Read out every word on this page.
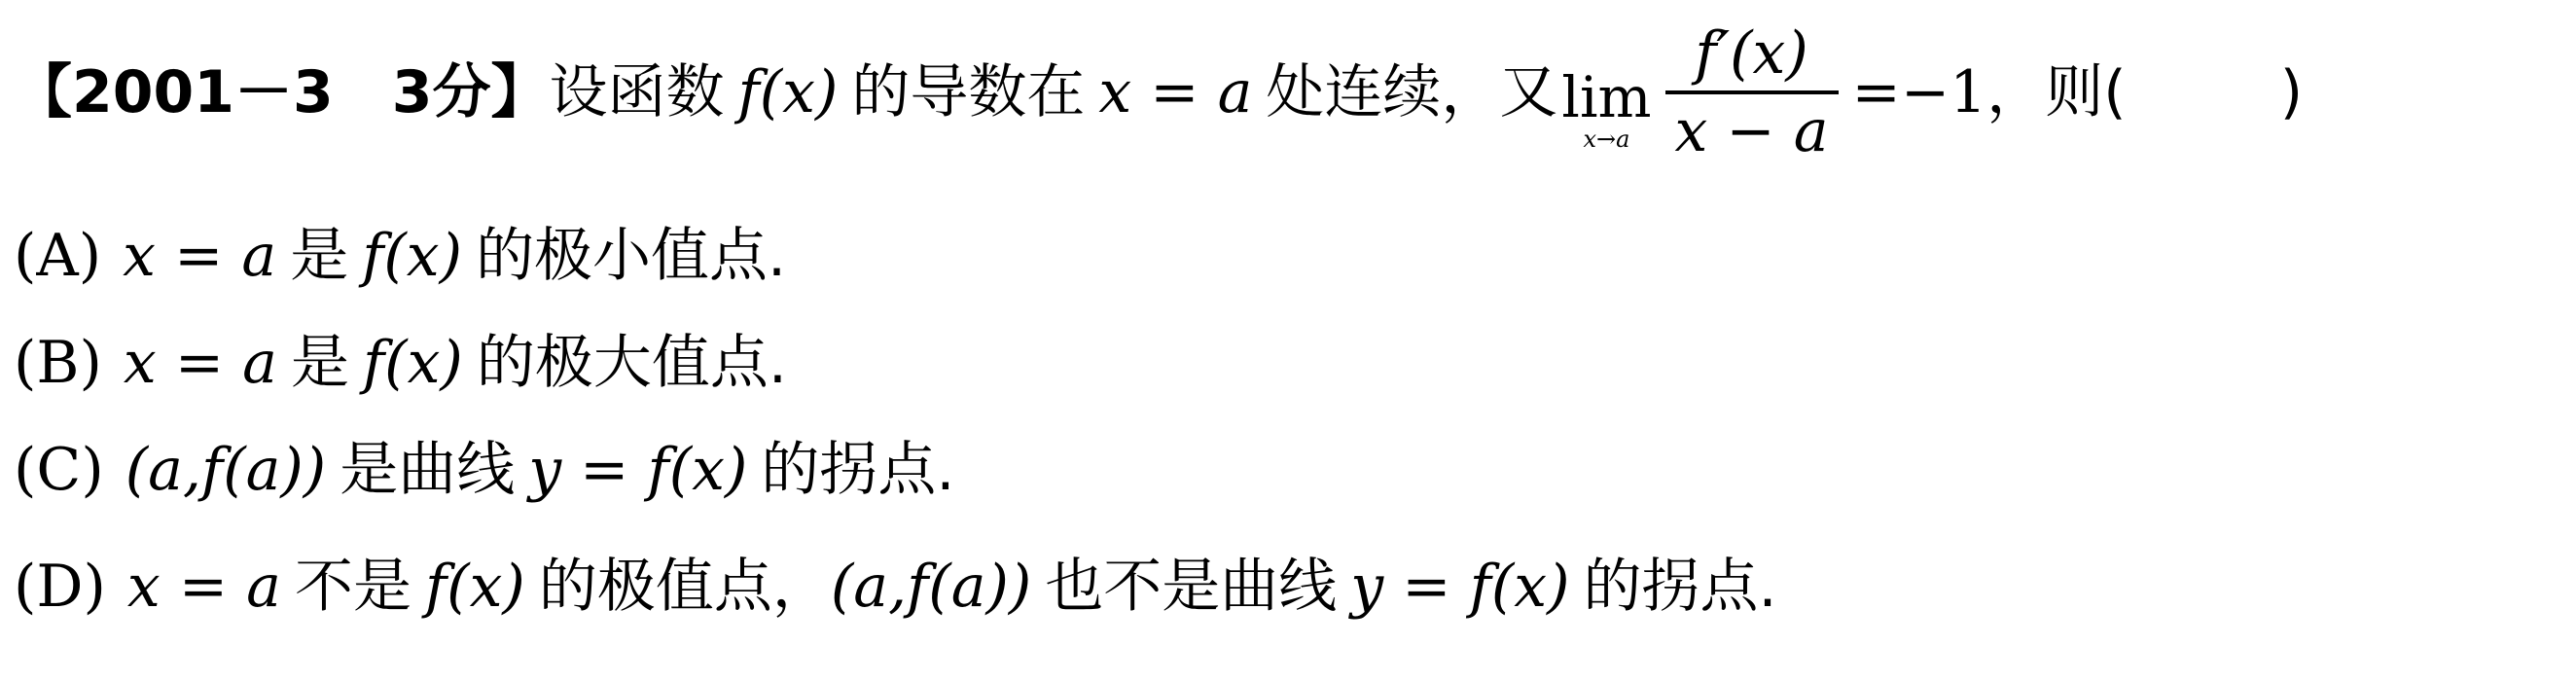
【2001－3　3分】 设函数 f(x) 的导数在 x = a 处连续，又 lim
$x\to a \frac{f'(x)}{x - a} =-1$ ，则(	)
(A) x = a 是 f(x) 的极小值点.
(B) x = a 是 f(x) 的极大值点.
(C) (a,f(a)) 是曲线 y = f(x) 的拐点.
(D) x = a 不是 f(x) 的极值点， (a,f(a)) 也不是曲线 y = f(x) 的拐点.
